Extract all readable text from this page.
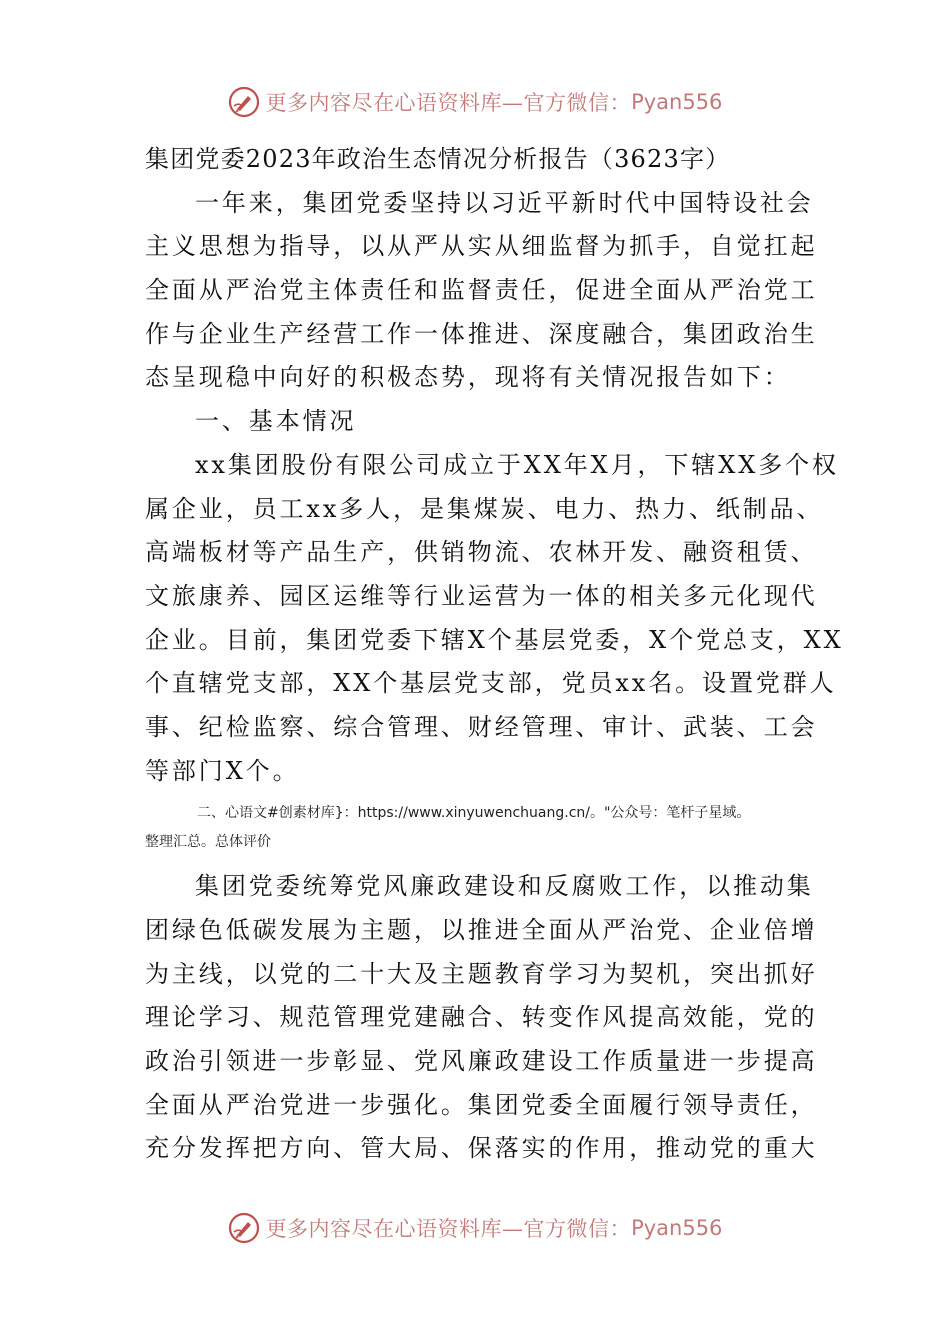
更多内容尽在心语资料库—官方微信： Pyan556
集团党委2023年政治生态情况分析报告（3623字）
一年来，集团党委坚持以习近平新时代中国特设社会
主义思想为指导，以从严从实从细监督为抓手，自觉扛起
全面从严治党主体责任和监督责任，促进全面从严治党工
作与企业生产经营工作一体推进、深度融合，集团政治生
态呈现稳中向好的积极态势，现将有关情况报告如下：
一、基本情况
xx集团股份有限公司成立于XX年X月，下辖XX多个权
属企业，员工xx多人，是集煤炭、电力、热力、纸制品、
高端板材等产品生产，供销物流、农林开发、融资租赁、
文旅康养、园区运维等行业运营为一体的相关多元化现代
企业。目前，集团党委下辖X个基层党委，X个党总支，XX
个直辖党支部，XX个基层党支部，党员xx名。设置党群人
事、纪检监察、综合管理、财经管理、审计、武装、工会
等部门X个。
二、心语文#创素材库}：https://www.xinyuwenchuang.cn/。"公众号：笔杆子星域。
整理汇总。总体评价
集团党委统筹党风廉政建设和反腐败工作，以推动集
团绿色低碳发展为主题，以推进全面从严治党、企业倍增
为主线，以党的二十大及主题教育学习为契机，突出抓好
理论学习、规范管理党建融合、转变作风提高效能，党的
政治引领进一步彰显、党风廉政建设工作质量进一步提高
全面从严治党进一步强化。集团党委全面履行领导责任，
充分发挥把方向、管大局、保落实的作用，推动党的重大
更多内容尽在心语资料库—官方微信： Pyan556
